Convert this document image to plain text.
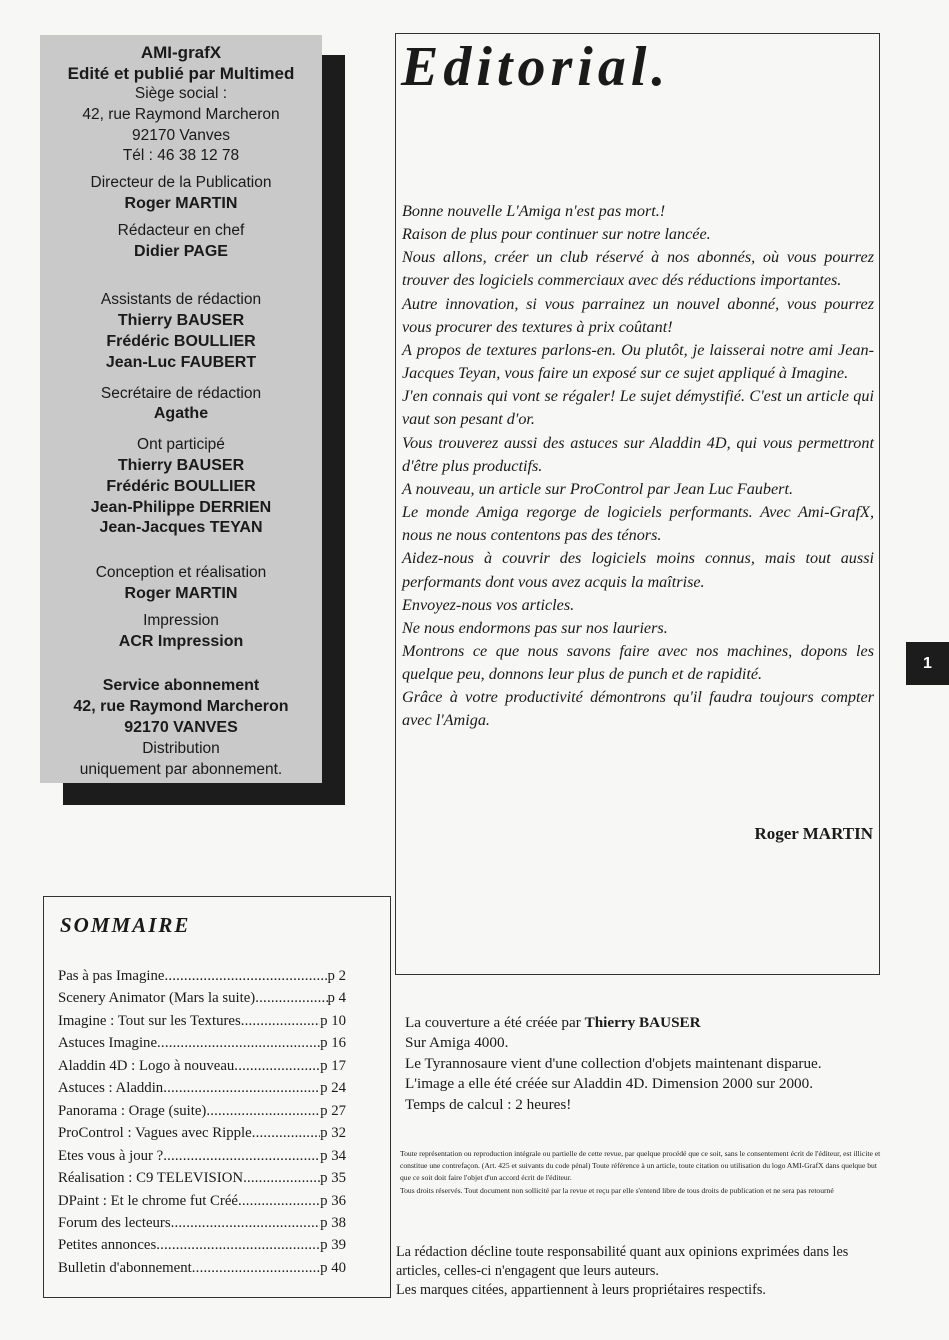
AMI-grafX
Edité et publié par Multimed
Siège social :
42, rue Raymond Marcheron
92170 Vanves
Tél : 46 38 12 78
Directeur de la Publication
Roger MARTIN
Rédacteur en chef
Didier PAGE
Assistants de rédaction
Thierry BAUSER
Frédéric BOULLIER
Jean-Luc FAUBERT
Secrétaire de rédaction
Agathe
Ont participé
Thierry BAUSER
Frédéric BOULLIER
Jean-Philippe DERRIEN
Jean-Jacques TEYAN
Conception et réalisation
Roger MARTIN
Impression
ACR Impression
Service abonnement
42, rue Raymond Marcheron
92170 VANVES
Distribution
uniquement par abonnement.
Editorial.

Bonne nouvelle L'Amiga n'est pas mort.!

Raison de plus pour continuer sur notre lancée.

Nous allons, créer un club réservé à nos abonnés, où vous pourrez trouver des logiciels commerciaux avec dés réductions importantes.

Autre innovation, si vous parrainez un nouvel abonné, vous pourrez vous procurer des textures à prix coûtant!

A propos de textures parlons-en. Ou plutôt, je laisserai notre ami Jean-Jacques Teyan, vous faire un exposé sur ce sujet appliqué à Imagine.

J'en connais qui vont se régaler! Le sujet démystifié. C'est un article qui vaut son pesant d'or.

Vous trouverez aussi des astuces sur Aladdin 4D, qui vous permettront d'être plus productifs.

A nouveau, un article sur ProControl par Jean Luc Faubert.

Le monde Amiga regorge de logiciels performants. Avec Ami-GrafX, nous ne nous contentons pas des ténors.

Aidez-nous à couvrir des logiciels moins connus, mais tout aussi performants dont vous avez acquis la maîtrise.

Envoyez-nous vos articles.

Ne nous endormons pas sur nos lauriers.

Montrons ce que nous savons faire avec nos machines, dopons les quelque peu, donnons leur plus de punch et de rapidité.

Grâce à votre productivité démontrons qu'il faudra toujours compter avec l'Amiga.

Roger MARTIN
1
SOMMAIRE
Pas à pas Imagine .....	p 2
Scenery Animator (Mars la suite) .....	p 4
Imagine : Tout sur les Textures .....	p 10
Astuces Imagine .....	p 16
Aladdin 4D : Logo à nouveau .....	p 17
Astuces : Aladdin .....	p 24
Panorama : Orage (suite) .....	p 27
ProControl : Vagues avec Ripple .....	p 32
Etes vous à jour ? .....	p 34
Réalisation : C9 TELEVISION .....	p 35
DPaint : Et le chrome fut Créé .....	p 36
Forum des lecteurs .....	p 38
Petites annonces .....	p 39
Bulletin d'abonnement .....	p 40
La couverture a été créée par Thierry BAUSER
Sur Amiga 4000.
Le Tyrannosaure vient d'une collection d'objets maintenant disparue.
L'image a elle été créée sur Aladdin 4D. Dimension 2000 sur 2000.
Temps de calcul : 2 heures!

Toute représentation ou reproduction intégrale ou partielle de cette revue, par quelque procédé que ce soit, sans le consentement écrit de l'éditeur, est illicite et constitue une contrefaçon. (Art. 425 et suivants du code pénal) Toute référence à un article, toute citation ou utilisation du logo AMI-GrafX dans quelque but que ce soit doit faire l'objet d'un accord écrit de l'éditeur.

Tous droits réservés. Tout document non sollicité par la revue et reçu par elle s'entend libre de tous droits de publication et ne sera pas retourné

La rédaction décline toute responsabilité quant aux opinions exprimées dans les articles, celles-ci n'engagent que leurs auteurs.
Les marques citées, appartiennent à leurs propriétaires respectifs.
